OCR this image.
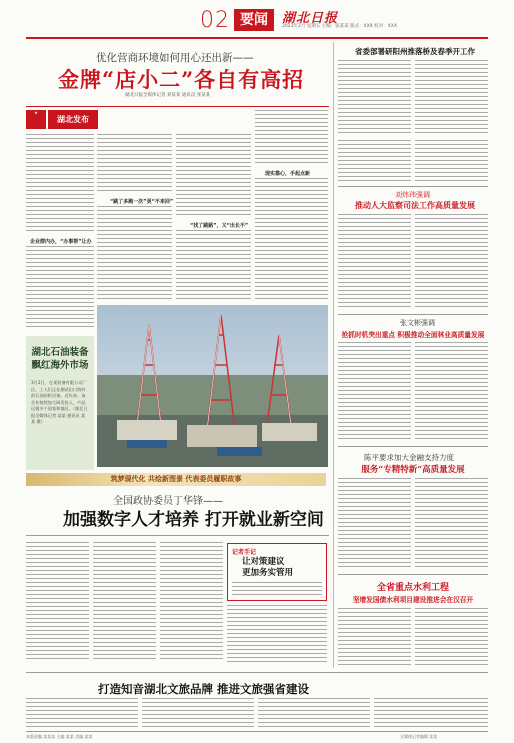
02 要闻	湖北日报
2023年2月 星期五 主编：张某某 版式：XXX 校对：XXX
优化营商环境如何用心还出新——
金牌“店小二”各自有高招
湖北日报全媒体记者 刘某某 通讯员 张某某
★
湖北发布
企业群内办，“办事帮”让办
“跳了多跑一次”更“不来回”
“找了跳路”，又“出长不”
现实靠心，手起点新
湖北石油装备
飘红海外市场
3月2日，在某装备有限公司厂区，工人们正在测试出口海外的石油钻机设备。近年来，该企业持续加大研发投入，产品远销多个国家和地区。（湖北日报全媒体记者 某某 通讯员 某某 摄）
筑梦现代化 共绘新图景 代表委员履职故事
全国政协委员丁华锋——
加强数字人才培养 打开就业新空间
记者手记
让对策建议
更加务实管用
打造知音湖北文旅品牌 推进文旅强省建设
省委部署研阳州推落桥及春季开工作
刘炜玮强调
推动人大监察司法工作高质量发展
张文彬强调
抢抓时机突出重点 积极推动全面林业高质量发展
陈平要求加大金融支持力度
服务“专精特新”高质量发展
全省重点水利工程
坚增发国债水利项目建设推进会在汉召开
本版责编 某某某 主编 某某 美编 某某	全媒体记者编辑 某某
